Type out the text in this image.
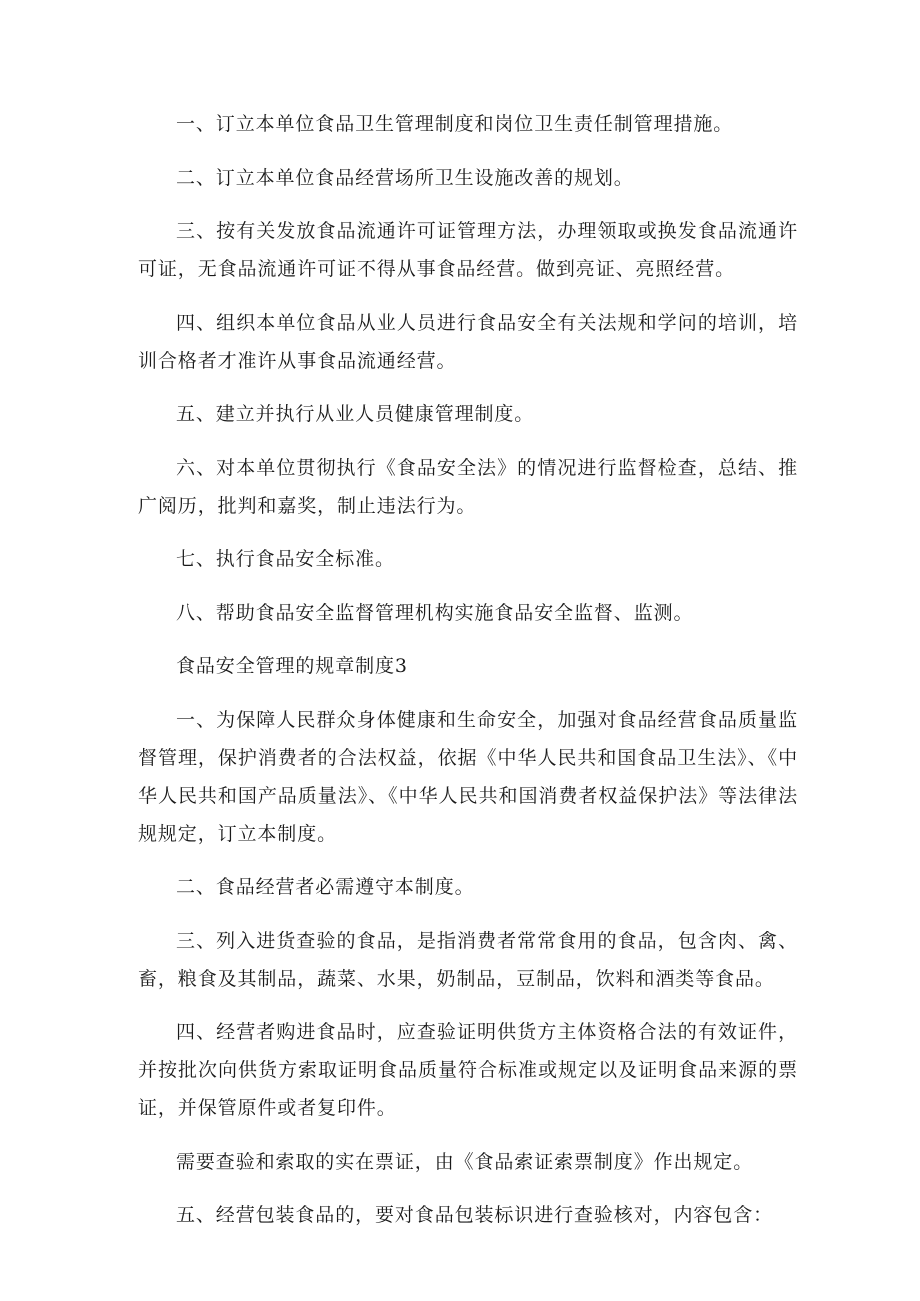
一、订立本单位食品卫生管理制度和岗位卫生责任制管理措施。

二、订立本单位食品经营场所卫生设施改善的规划。

三、按有关发放食品流通许可证管理方法，办理领取或换发食品流通许可证，无食品流通许可证不得从事食品经营。做到亮证、亮照经营。

四、组织本单位食品从业人员进行食品安全有关法规和学问的培训，培训合格者才准许从事食品流通经营。

五、建立并执行从业人员健康管理制度。

六、对本单位贯彻执行《食品安全法》的情况进行监督检查，总结、推广阅历，批判和嘉奖，制止违法行为。

七、执行食品安全标准。

八、帮助食品安全监督管理机构实施食品安全监督、监测。

食品安全管理的规章制度3

一、为保障人民群众身体健康和生命安全，加强对食品经营食品质量监督管理，保护消费者的合法权益，依据《中华人民共和国食品卫生法》、《中华人民共和国产品质量法》、《中华人民共和国消费者权益保护法》等法律法规规定，订立本制度。

二、食品经营者必需遵守本制度。

三、列入进货查验的食品，是指消费者常常食用的食品，包含肉、禽、畜，粮食及其制品，蔬菜、水果，奶制品，豆制品，饮料和酒类等食品。

四、经营者购进食品时，应查验证明供货方主体资格合法的有效证件，并按批次向供货方索取证明食品质量符合标准或规定以及证明食品来源的票证，并保管原件或者复印件。

需要查验和索取的实在票证，由《食品索证索票制度》作出规定。

五、经营包装食品的，要对食品包装标识进行查验核对，内容包含：
